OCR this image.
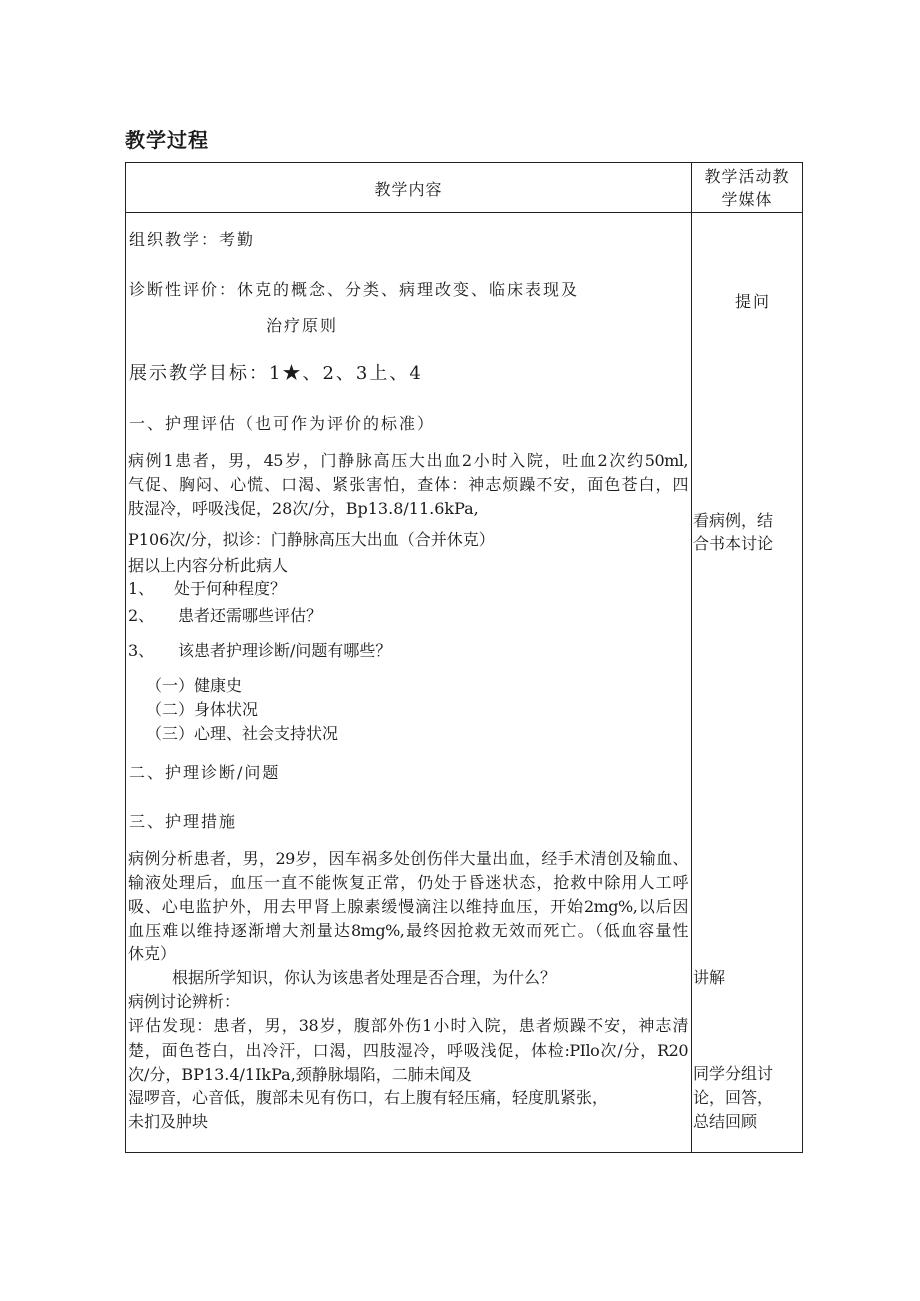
教学过程
教学内容
教学活动教
学媒体
组织教学：考勤
诊断性评价：休克的概念、分类、病理改变、临床表现及
治疗原则
展示教学目标：1★、2、3上、4
一、护理评估（也可作为评价的标准）
病例1患者，男，45岁，门静脉高压大出血2小时入院，吐血2次约50ml,
气促、胸闷、心慌、口渴、紧张害怕，查体：神志烦躁不安，面色苍白，四
肢湿冷，呼吸浅促，28次/分，Bp13.8/11.6kPa,
P106次/分，拟诊：门静脉高压大出血（合并休克）
据以上内容分析此病人
1、 处于何种程度？
2、 患者还需哪些评估？
3、 该患者护理诊断/问题有哪些？
（一）健康史
（二）身体状况
（三）心理、社会支持状况
二、护理诊断/问题
三、护理措施
病例分析患者，男，29岁，因车祸多处创伤伴大量出血，经手术清创及输血、
输液处理后，血压一直不能恢复正常，仍处于昏迷状态，抢救中除用人工呼
吸、心电监护外，用去甲肾上腺素缓慢滴注以维持血压，开始2mg%,以后因
血压难以维持逐渐增大剂量达8mg%,最终因抢救无效而死亡。（低血容量性
休克）
根据所学知识，你认为该患者处理是否合理，为什么？
病例讨论辨析：
评估发现：患者，男，38岁，腹部外伤1小时入院，患者烦躁不安，神志清
楚，面色苍白，出冷汗，口渴，四肢湿冷，呼吸浅促，体检:PIlo次/分，R20
次/分，BP13.4/1IkPa,颈静脉塌陷，二肺未闻及
湿啰音，心音低，腹部未见有伤口，右上腹有轻压痛，轻度肌紧张，
未扪及肿块
提问
看病例，结
合书本讨论
讲解
同学分组讨
论，回答，
总结回顾
